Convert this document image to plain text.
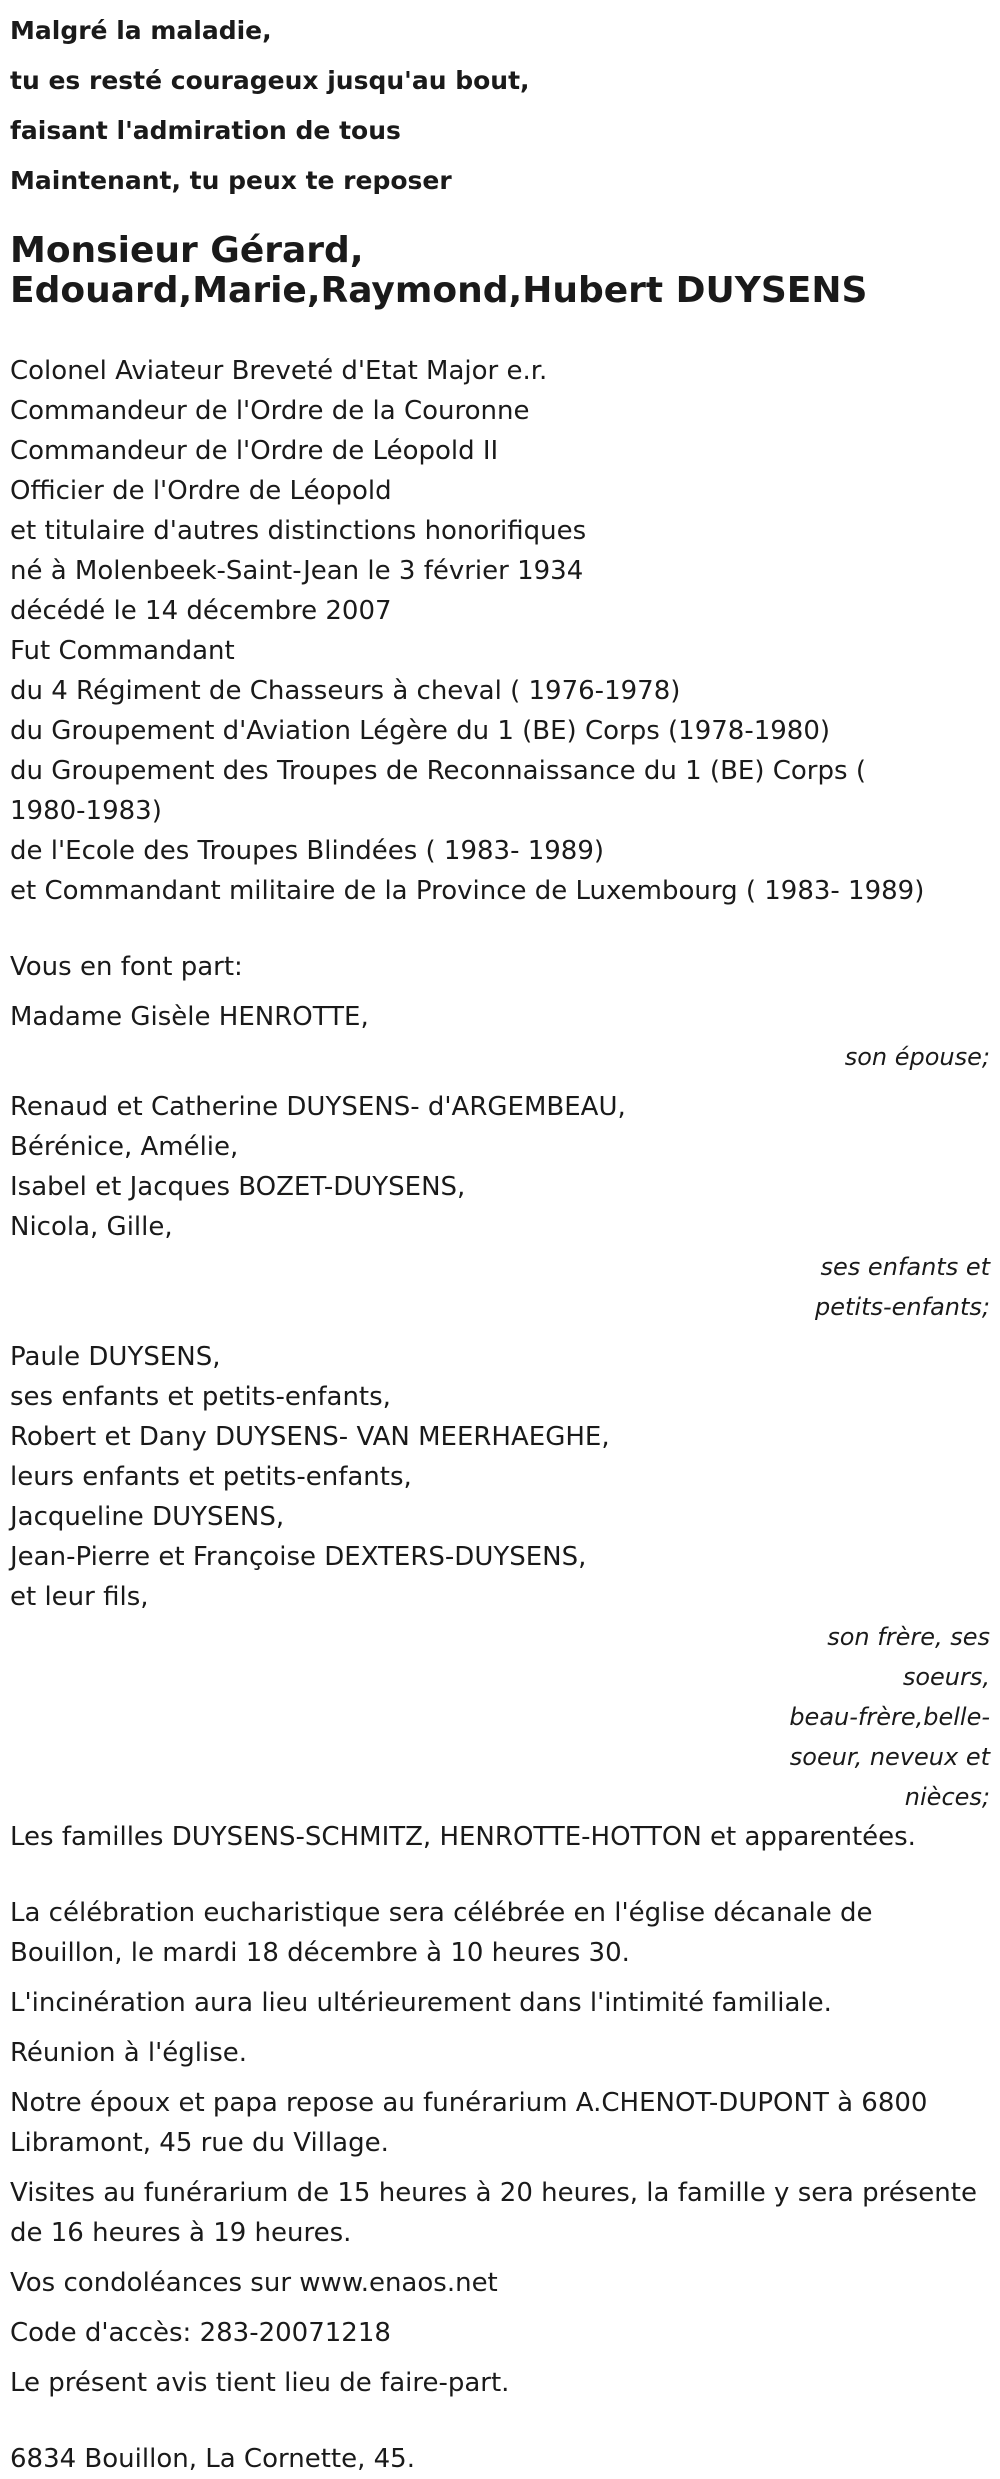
Malgré la maladie,

tu es resté courageux jusqu'au bout,

faisant l'admiration de tous

Maintenant, tu peux te reposer

Monsieur Gérard, Edouard,Marie,Raymond,Hubert DUYSENS

Colonel Aviateur Breveté d'Etat Major e.r.

Commandeur de l'Ordre de la Couronne

Commandeur de l'Ordre de Léopold II

Officier de l'Ordre de Léopold

et titulaire d'autres distinctions honorifiques

né à Molenbeek-Saint-Jean le 3 février 1934

décédé le 14 décembre 2007

Fut Commandant

du 4 Régiment de Chasseurs à cheval ( 1976-1978)

du Groupement d'Aviation Légère du 1 (BE) Corps (1978-1980)

du Groupement des Troupes de Reconnaissance du 1 (BE) Corps (

1980-1983)

de l'Ecole des Troupes Blindées ( 1983- 1989)

et Commandant militaire de la Province de Luxembourg ( 1983- 1989)

Vous en font part:

Madame Gisèle HENROTTE,

son épouse;

Renaud et Catherine DUYSENS- d'ARGEMBEAU,

Bérénice, Amélie,

Isabel et Jacques BOZET-DUYSENS,

Nicola, Gille,

ses enfants et
petits-enfants;

Paule DUYSENS,

ses enfants et petits-enfants,

Robert et Dany DUYSENS- VAN MEERHAEGHE,

leurs enfants et petits-enfants,

Jacqueline DUYSENS,

Jean-Pierre et Françoise DEXTERS-DUYSENS,

et leur fils,

son frère, ses
soeurs,
beau-frère,belle-
soeur, neveux et
nièces;

Les familles DUYSENS-SCHMITZ, HENROTTE-HOTTON et apparentées.

La célébration eucharistique sera célébrée en l'église décanale de

Bouillon, le mardi 18 décembre à 10 heures 30.

L'incinération aura lieu ultérieurement dans l'intimité familiale.

Réunion à l'église.

Notre époux et papa repose au funérarium A.CHENOT-DUPONT à 6800

Libramont, 45 rue du Village.

Visites au funérarium de 15 heures à 20 heures, la famille y sera présente

de 16 heures à 19 heures.

Vos condoléances sur www.enaos.net

Code d'accès: 283-20071218

Le présent avis tient lieu de faire-part.

6834 Bouillon, La Cornette, 45.
